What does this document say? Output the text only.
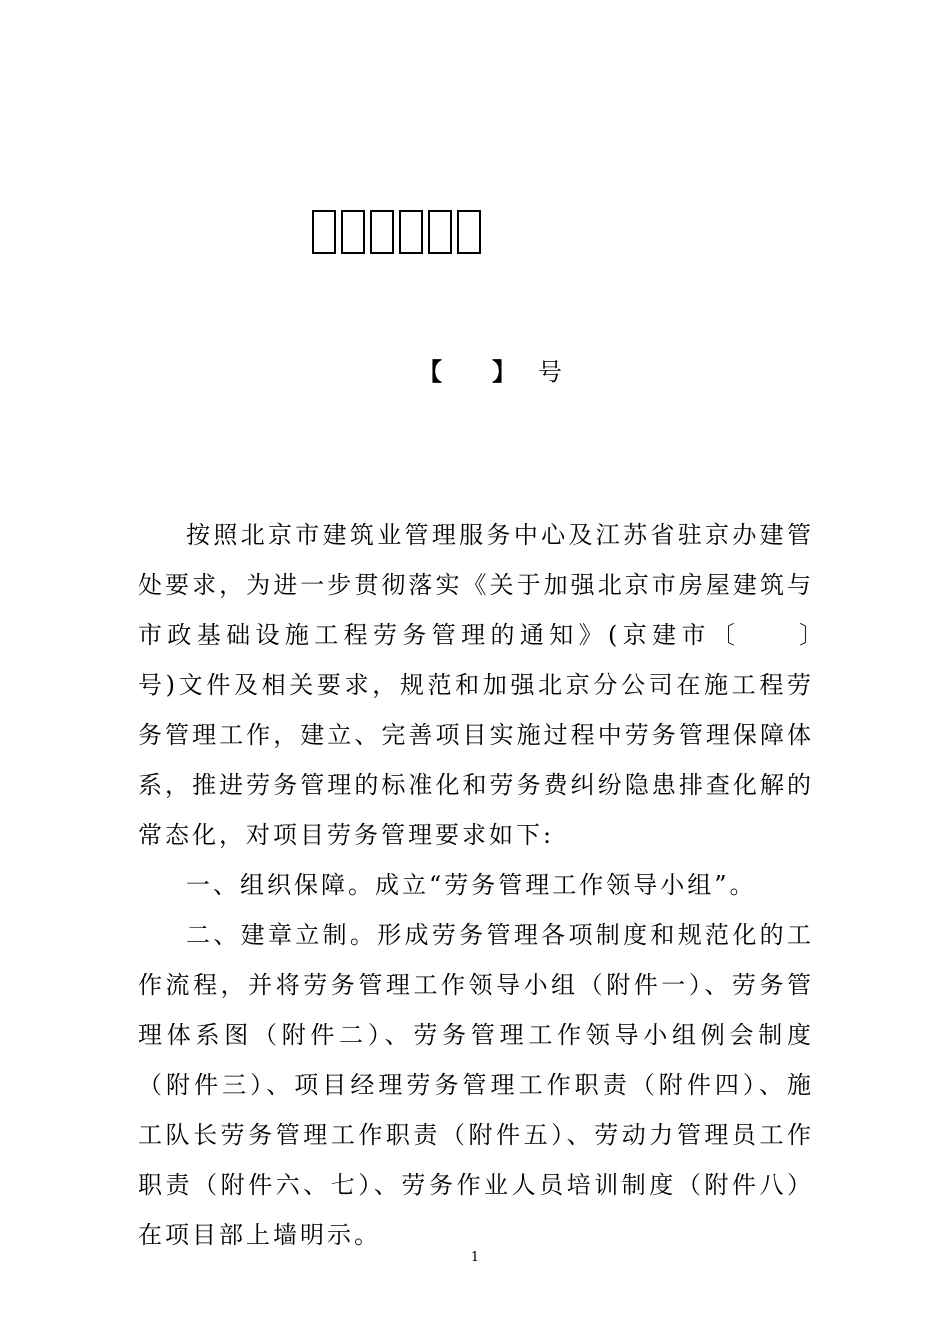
【 】 号

按照北京市建筑业管理服务中心及江苏省驻京办建管处要求，为进一步贯彻落实《关于加强北京市房屋建筑与市政基础设施工程劳务管理的通知》(京建市〔　　〕　　号)文件及相关要求，规范和加强北京分公司在施工程劳务管理工作，建立、完善项目实施过程中劳务管理保障体系，推进劳务管理的标准化和劳务费纠纷隐患排查化解的常态化，对项目劳务管理要求如下:

一、组织保障。成立“劳务管理工作领导小组”。

二、建章立制。形成劳务管理各项制度和规范化的工作流程，并将劳务管理工作领导小组（附件一）、劳务管理体系图（附件二）、劳务管理工作领导小组例会制度（附件三）、项目经理劳务管理工作职责（附件四）、施工队长劳务管理工作职责（附件五）、劳动力管理员工作职责（附件六、七）、劳务作业人员培训制度（附件八）在项目部上墙明示。

1
